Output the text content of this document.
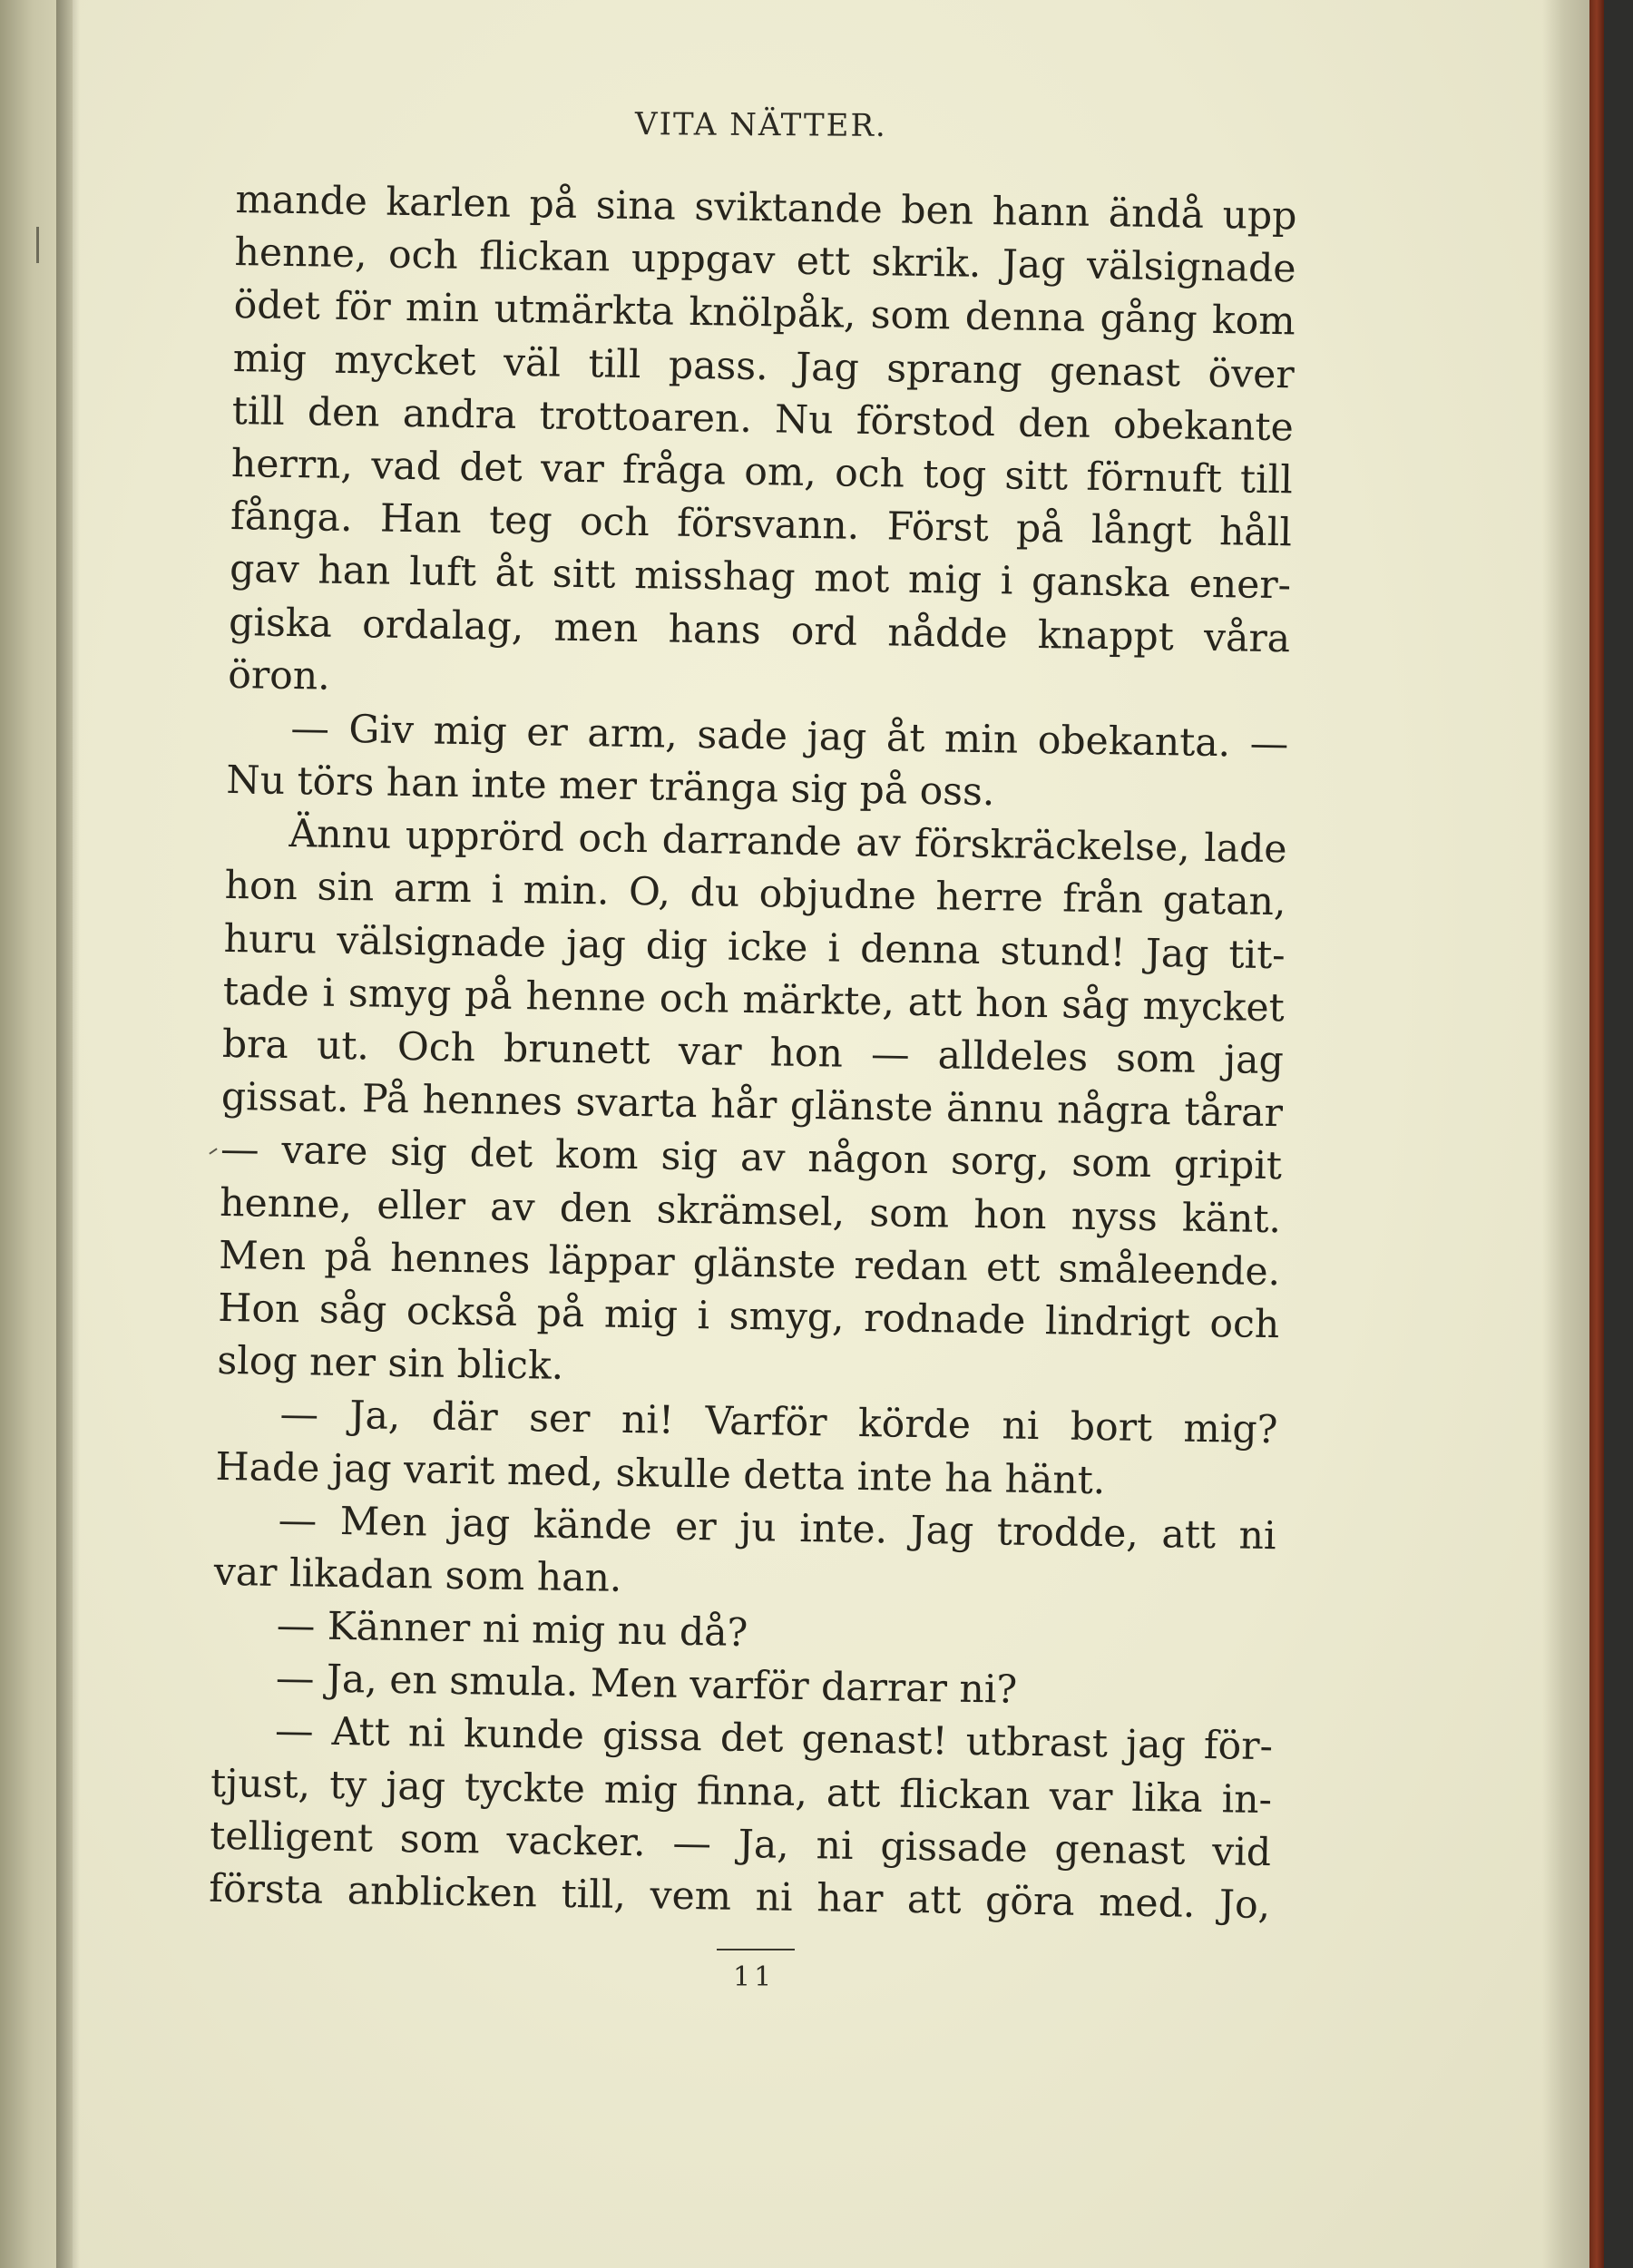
VITA NÄTTER.

mande karlen på sina sviktande ben hann ändå upp
henne, och flickan uppgav ett skrik. Jag välsignade
ödet för min utmärkta knölpåk, som denna gång kom
mig mycket väl till pass. Jag sprang genast över
till den andra trottoaren. Nu förstod den obekante
herrn, vad det var fråga om, och tog sitt förnuft till
fånga. Han teg och försvann. Först på långt håll
gav han luft åt sitt misshag mot mig i ganska ener-
giska ordalag, men hans ord nådde knappt våra
öron.
— Giv mig er arm, sade jag åt min obekanta. —
Nu törs han inte mer tränga sig på oss.
Ännu upprörd och darrande av förskräckelse, lade
hon sin arm i min. O, du objudne herre från gatan,
huru välsignade jag dig icke i denna stund! Jag tit-
tade i smyg på henne och märkte, att hon såg mycket
bra ut. Och brunett var hon — alldeles som jag
gissat. På hennes svarta hår glänste ännu några tårar
— vare sig det kom sig av någon sorg, som gripit
henne, eller av den skrämsel, som hon nyss känt.
Men på hennes läppar glänste redan ett småleende.
Hon såg också på mig i smyg, rodnade lindrigt och
slog ner sin blick.
— Ja, där ser ni! Varför körde ni bort mig?
Hade jag varit med, skulle detta inte ha hänt.
— Men jag kände er ju inte. Jag trodde, att ni
var likadan som han.
— Känner ni mig nu då?
— Ja, en smula. Men varför darrar ni?
— Att ni kunde gissa det genast! utbrast jag för-
tjust, ty jag tyckte mig finna, att flickan var lika in-
telligent som vacker. — Ja, ni gissade genast vid
första anblicken till, vem ni har att göra med. Jo,
11
